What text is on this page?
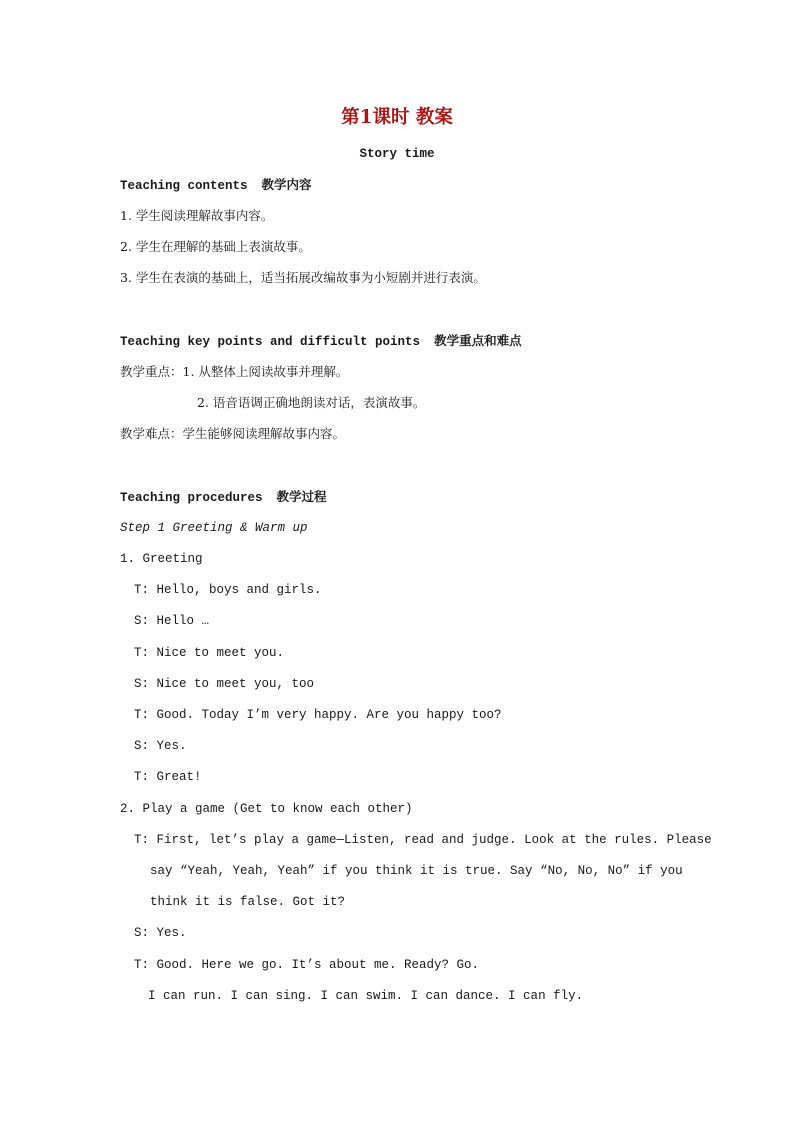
第1课时 教案
Story time
Teaching contents 教学内容
1. 学生阅读理解故事内容。
2. 学生在理解的基础上表演故事。
3. 学生在表演的基础上，适当拓展改编故事为小短剧并进行表演。
Teaching key points and difficult points 教学重点和难点
教学重点：1. 从整体上阅读故事并理解。
2. 语音语调正确地朗读对话，表演故事。
教学难点：学生能够阅读理解故事内容。
Teaching procedures 教学过程
Step 1 Greeting & Warm up
1. Greeting
T: Hello, boys and girls.
S: Hello …
T: Nice to meet you.
S: Nice to meet you, too
T: Good. Today I’m very happy. Are you happy too?
S: Yes.
T: Great!
2. Play a game (Get to know each other)
T: First, let’s play a game—Listen, read and judge. Look at the rules. Please
say “Yeah, Yeah, Yeah” if you think it is true. Say “No, No, No” if you
think it is false. Got it?
S: Yes.
T: Good. Here we go. It’s about me. Ready? Go.
I can run. I can sing. I can swim. I can dance. I can fly.
